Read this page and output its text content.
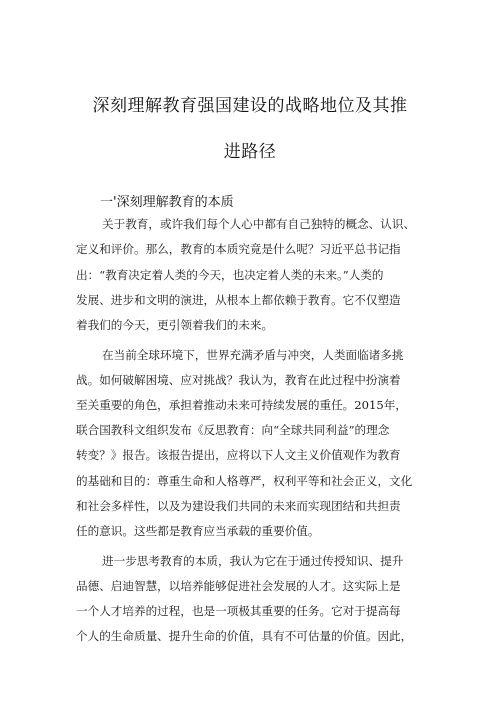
深刻理解教育强国建设的战略地位及其推
进路径
一'深刻理解教育的本质
关于教育，或许我们每个人心中都有自己独特的概念、认识、
定义和评价。那么，教育的本质究竟是什么呢？习近平总书记指
出：“教育决定着人类的今天，也决定着人类的未来。”人类的
发展、进步和文明的演进，从根本上都依赖于教育。它不仅塑造
着我们的今天，更引领着我们的未来。
在当前全球环境下，世界充满矛盾与冲突，人类面临诸多挑
战。如何破解困境、应对挑战？我认为，教育在此过程中扮演着
至关重要的角色，承担着推动未来可持续发展的重任。2015年，
联合国教科文组织发布《反思教育：向“全球共同利益”的理念
转变？》报告。该报告提出，应将以下人文主义价值观作为教育
的基础和目的：尊重生命和人格尊严，权利平等和社会正义，文化
和社会多样性，以及为建设我们共同的未来而实现团结和共担责
任的意识。这些都是教育应当承载的重要价值。
进一步思考教育的本质，我认为它在于通过传授知识、提升
品德、启迪智慧，以培养能够促进社会发展的人才。这实际上是
一个人才培养的过程，也是一项极其重要的任务。它对于提高每
个人的生命质量、提升生命的价值，具有不可估量的价值。因此，
